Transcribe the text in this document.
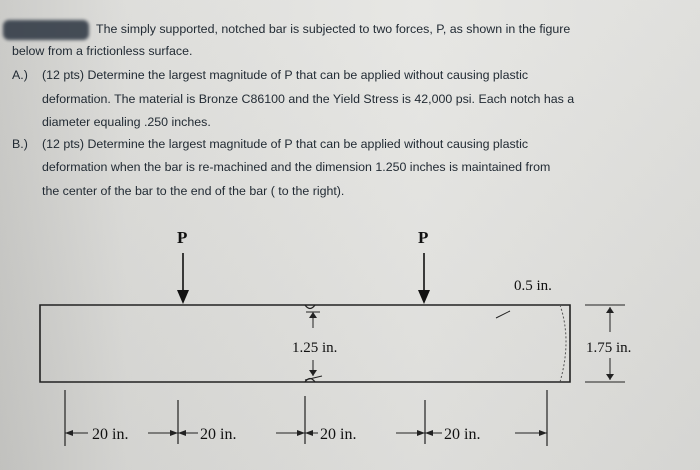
The simply supported, notched bar is subjected to two forces, P, as shown in the figure
below from a frictionless surface.
A.) (12 pts) Determine the largest magnitude of P that can be applied without causing plastic
deformation. The material is Bronze C86100 and the Yield Stress is 42,000 psi. Each notch has a
diameter equaling .250 inches.
B.) (12 pts) Determine the largest magnitude of P that can be applied without causing plastic
deformation when the bar is re-machined and the dimension 1.250 inches is maintained from
the center of the bar to the end of the bar ( to the right).
P	P
1.25 in.
0.5 in.
1.75 in.
20 in.	20 in.	20 in.	20 in.
